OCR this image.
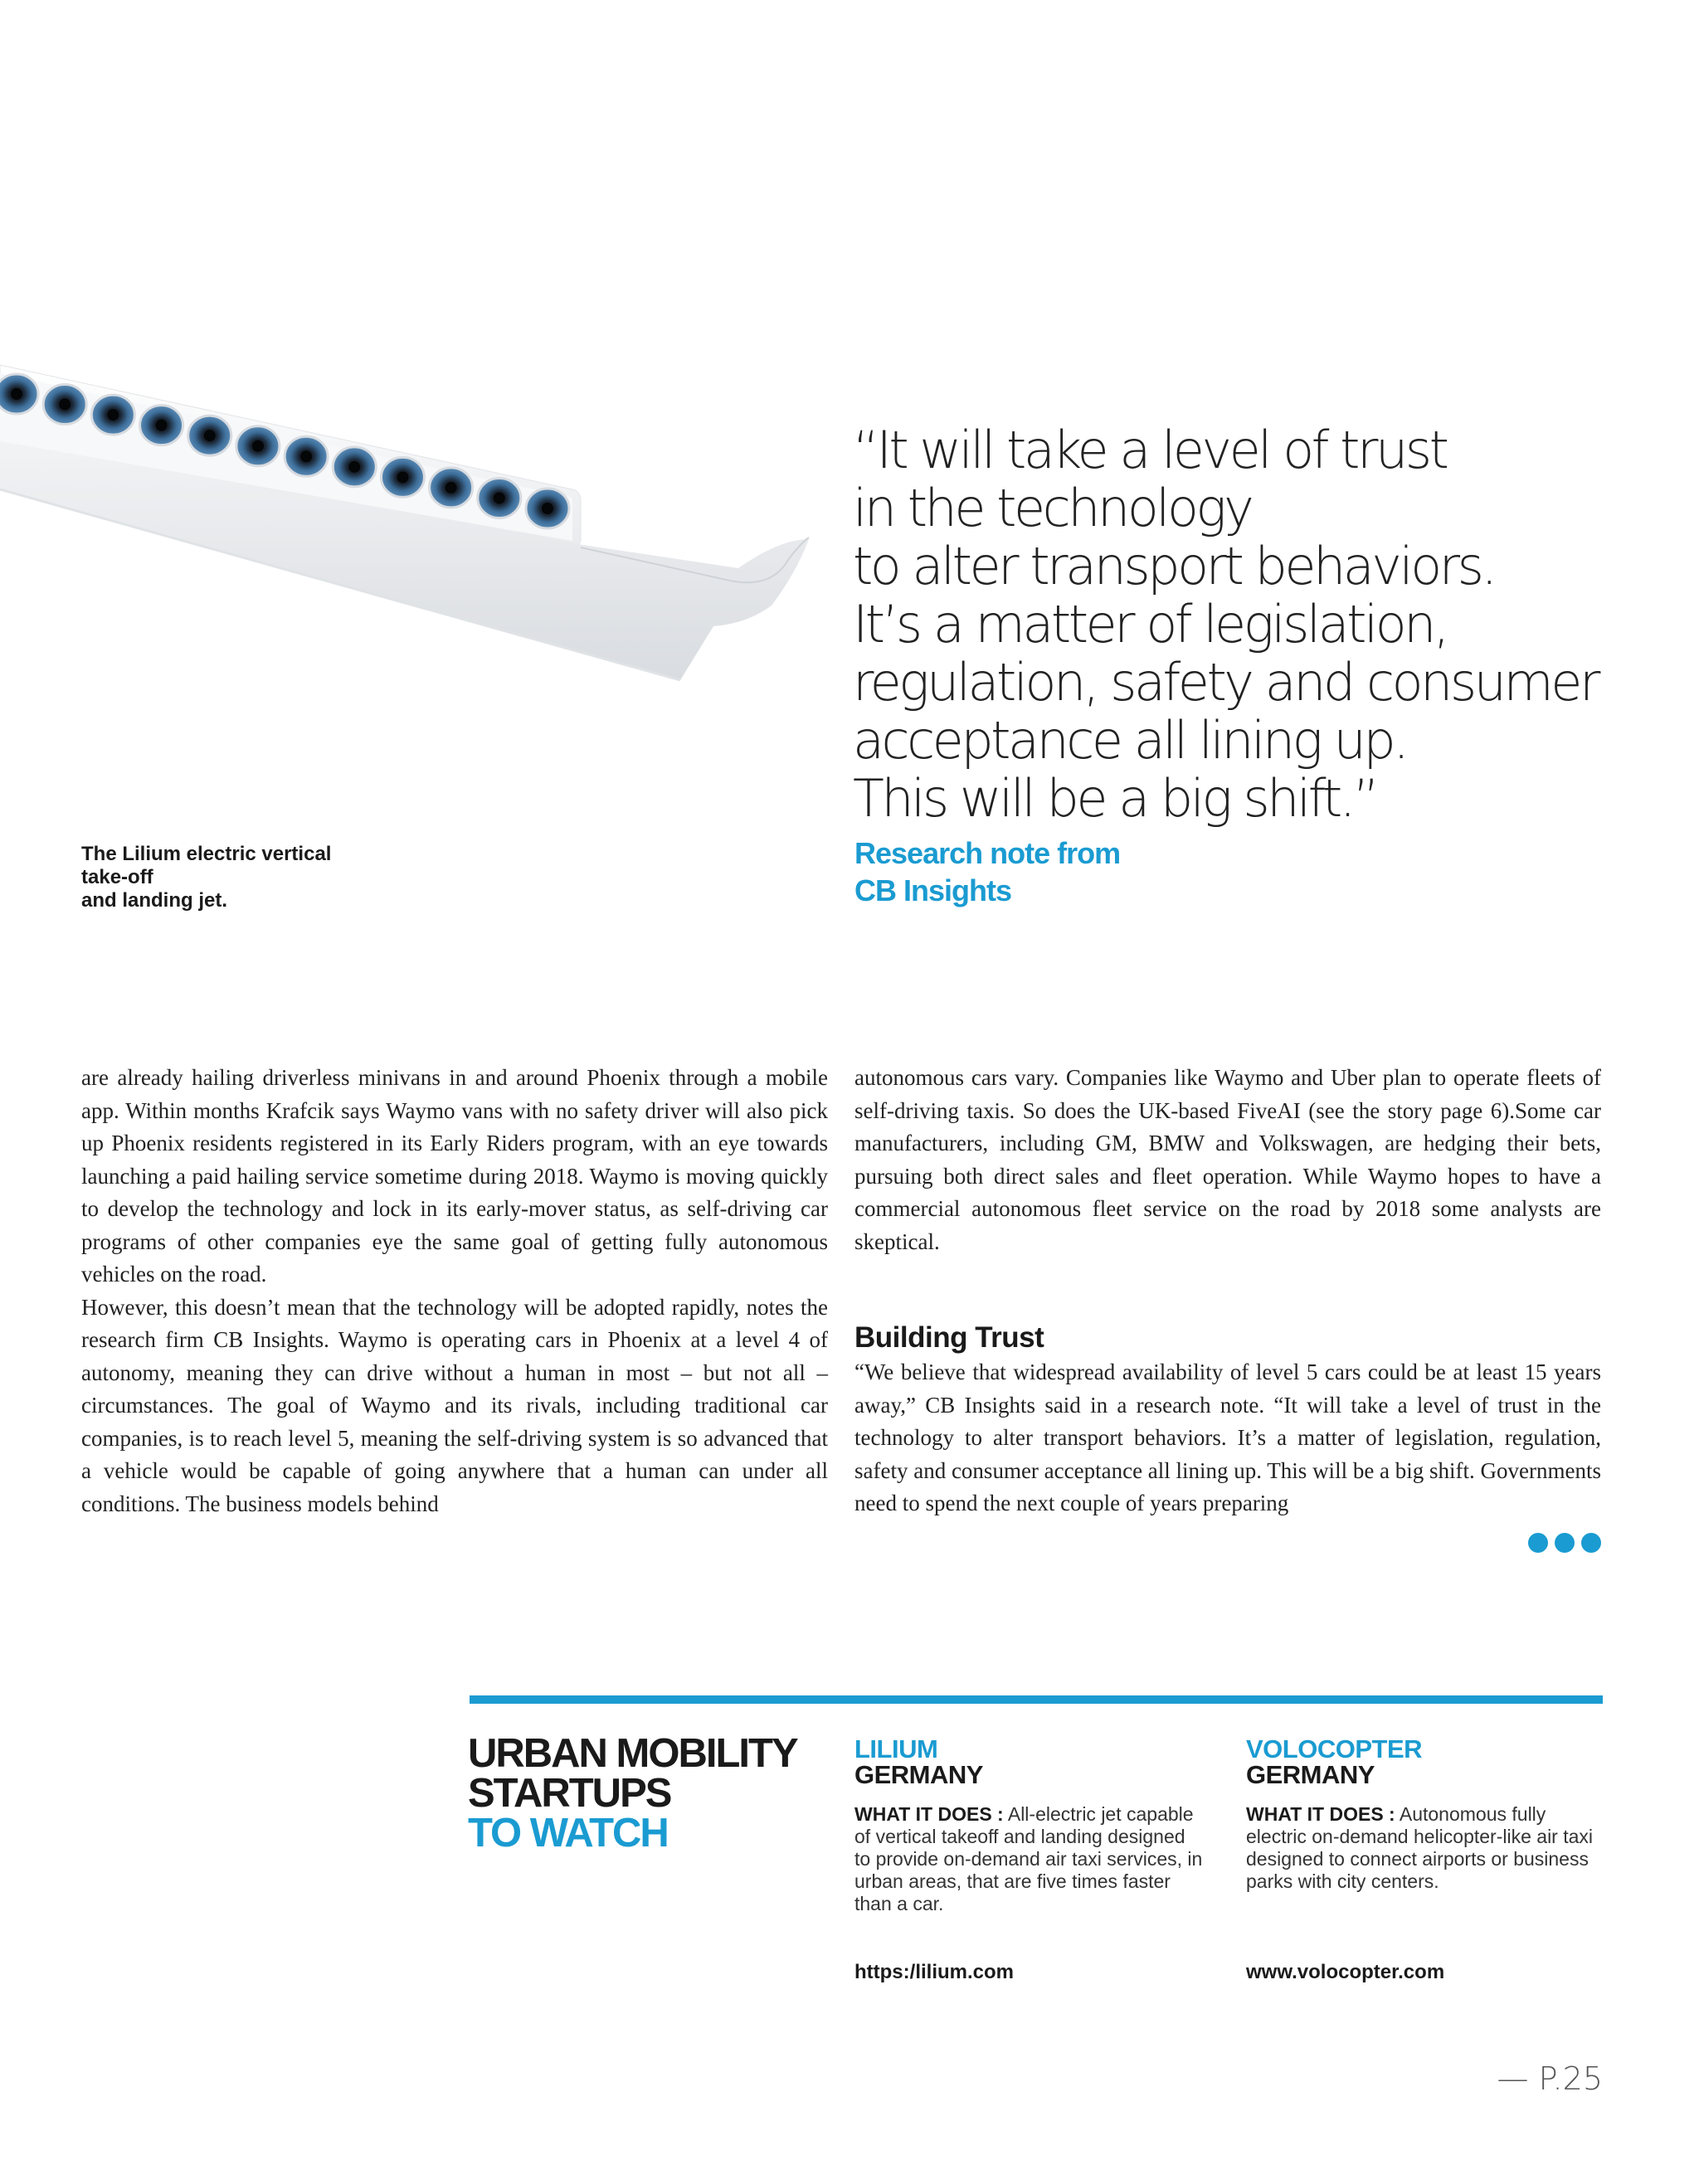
The Lilium electric vertical
take-off
and landing jet.
“It will take a level of trust
in the technology
to alter transport behaviors.
It’s a matter of legislation,
regulation, safety and consumer
acceptance all lining up.
This will be a big shift.”
Research note from
CB Insights

are already hailing driverless minivans in and around Phoenix through a mobile app. Within months Krafcik says Waymo vans with no safety driver will also pick up Phoenix residents registered in its Early Riders program, with an eye towards launching a paid hailing service sometime during 2018. Waymo is moving quickly to develop the technology and lock in its early-mover status, as self-driving car programs of other companies eye the same goal of getting fully autonomous vehicles on the road.

However, this doesn’t mean that the technology will be adopted rapidly, notes the research firm CB Insights. Waymo is operating cars in Phoenix at a level 4 of autonomy, meaning they can drive without a human in most – but not all – circumstances. The goal of Waymo and its rivals, including traditional car companies, is to reach level 5, meaning the self-driving system is so advanced that a vehicle would be capable of going anywhere that a human can under all conditions. The business models behind

autonomous cars vary. Companies like Waymo and Uber plan to operate fleets of self-driving taxis. So does the UK-based FiveAI (see the story page 6).Some car manufacturers, including GM, BMW and Volkswagen, are hedging their bets, pursuing both direct sales and fleet operation. While Waymo hopes to have a commercial autonomous fleet service on the road by 2018 some analysts are skeptical.

Building Trust

“We believe that widespread availability of level 5 cars could be at least 15 years away,” CB Insights said in a research note. “It will take a level of trust in the technology to alter transport behaviors. It’s a matter of legislation, regulation, safety and consumer acceptance all lining up. This will be a big shift. Governments need to spend the next couple of years preparing

URBAN MOBILITY
STARTUPS
TO WATCH
LILIUM
GERMANY
WHAT IT DOES : All-electric jet capable of vertical takeoff and landing designed to provide on-demand air taxi services, in urban areas, that are five times faster than a car.
https:/lilium.com
VOLOCOPTER
GERMANY
WHAT IT DOES : Autonomous fully electric on-demand helicopter-like air taxi designed to connect airports or business parks with city centers.
www.volocopter.com
— P.25
